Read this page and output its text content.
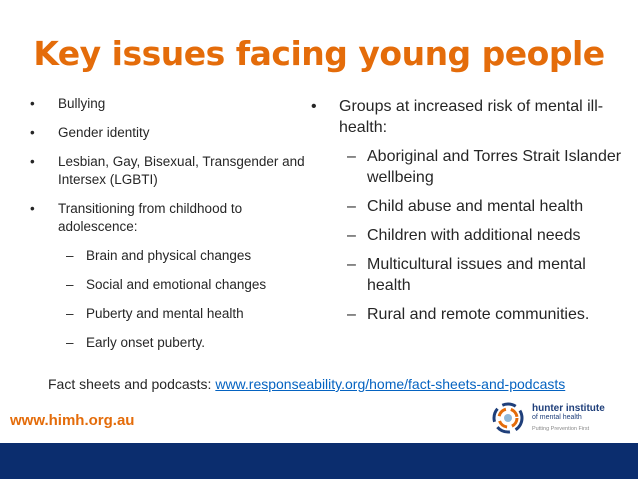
Key issues facing young people
• Bullying
• Gender identity
• Lesbian, Gay, Bisexual, Transgender and Intersex (LGBTI)
• Transitioning from childhood to adolescence:
– Brain and physical changes
– Social and emotional changes
– Puberty and mental health
– Early onset puberty.
• Groups at increased risk of mental ill-health:
– Aboriginal and Torres Strait Islander wellbeing
– Child abuse and mental health
– Children with additional needs
– Multicultural issues and mental health
– Rural and remote communities.
Fact sheets and podcasts: www.responseability.org/home/fact-sheets-and-podcasts
www.himh.org.au
hunter institute
of mental health
Putting Prevention First
